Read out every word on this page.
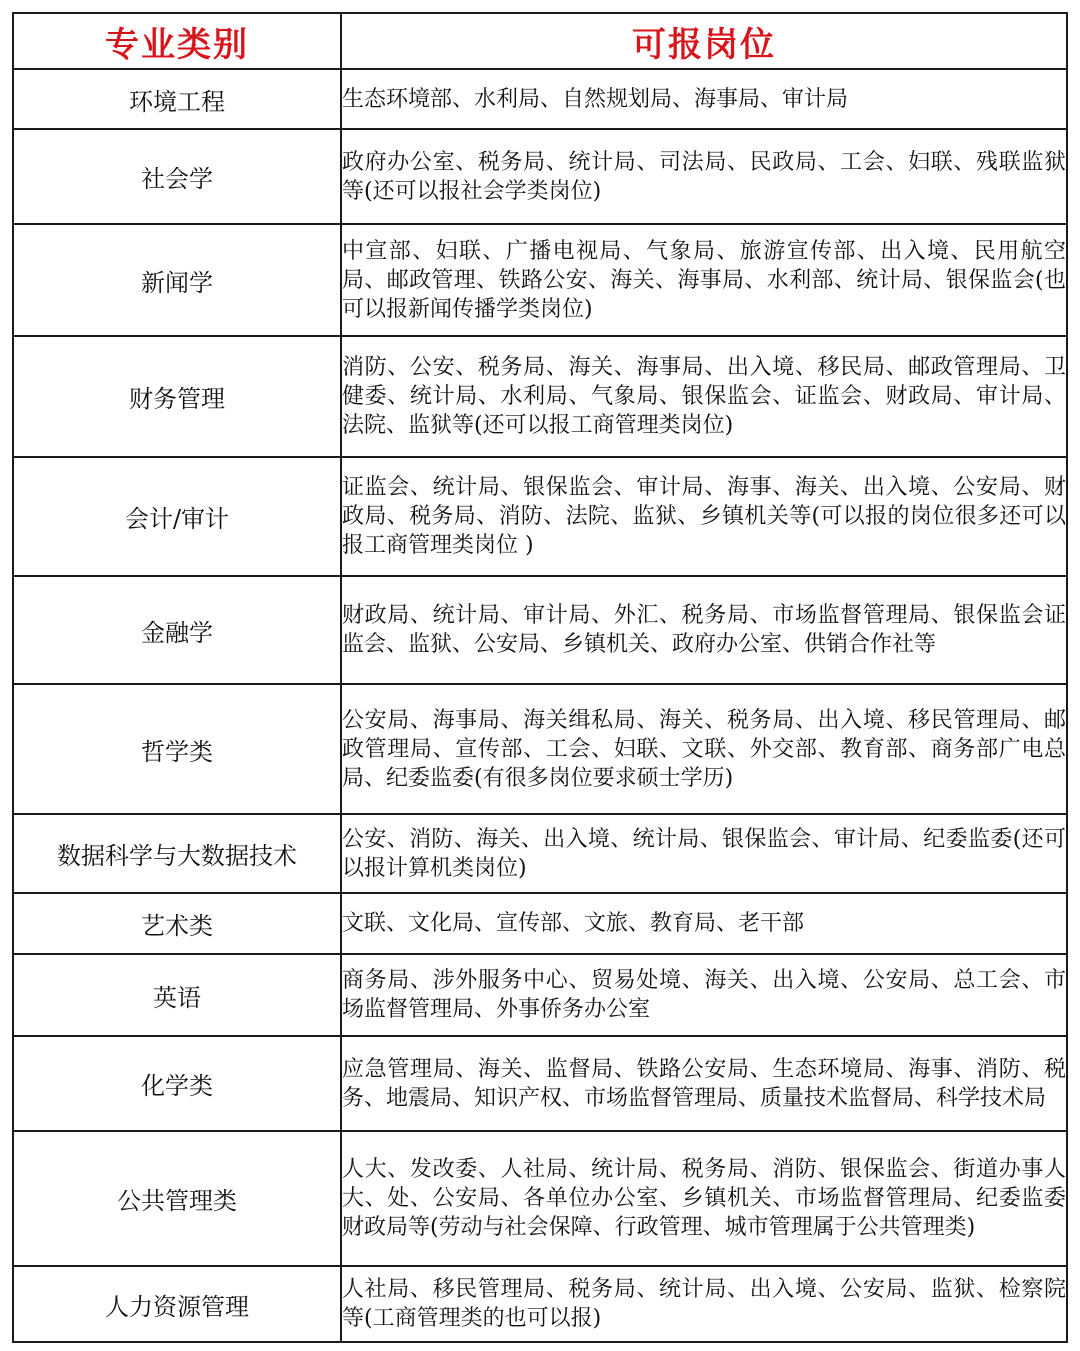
专业类别	可报岗位
环境工程	生态环境部、水利局、自然规划局、海事局、审计局
社会学	政府办公室、税务局、统计局、司法局、民政局、工会、妇联、残联监狱等(还可以报社会学类岗位)
新闻学	中宣部、妇联、广播电视局、气象局、旅游宣传部、出入境、民用航空局、邮政管理、铁路公安、海关、海事局、水利部、统计局、银保监会(也可以报新闻传播学类岗位)
财务管理	消防、公安、税务局、海关、海事局、出入境、移民局、邮政管理局、卫健委、统计局、水利局、气象局、银保监会、证监会、财政局、审计局、法院、监狱等(还可以报工商管理类岗位)
会计/审计	证监会、统计局、银保监会、审计局、海事、海关、出入境、公安局、财政局、税务局、消防、法院、监狱、乡镇机关等(可以报的岗位很多还可以报工商管理类岗位 )
金融学	财政局、统计局、审计局、外汇、税务局、市场监督管理局、银保监会证监会、监狱、公安局、乡镇机关、政府办公室、供销合作社等
哲学类	公安局、海事局、海关缉私局、海关、税务局、出入境、移民管理局、邮政管理局、宣传部、工会、妇联、文联、外交部、教育部、商务部广电总局、纪委监委(有很多岗位要求硕士学历)
数据科学与大数据技术	公安、消防、海关、出入境、统计局、银保监会、审计局、纪委监委(还可以报计算机类岗位)
艺术类	文联、文化局、宣传部、文旅、教育局、老干部
英语	商务局、涉外服务中心、贸易处境、海关、出入境、公安局、总工会、市场监督管理局、外事侨务办公室
化学类	应急管理局、海关、监督局、铁路公安局、生态环境局、海事、消防、税务、地震局、知识产权、市场监督管理局、质量技术监督局、科学技术局
公共管理类	人大、发改委、人社局、统计局、税务局、消防、银保监会、街道办事人大、处、公安局、各单位办公室、乡镇机关、市场监督管理局、纪委监委财政局等(劳动与社会保障、行政管理、城市管理属于公共管理类)
人力资源管理	人社局、移民管理局、税务局、统计局、出入境、公安局、监狱、检察院等(工商管理类的也可以报)
